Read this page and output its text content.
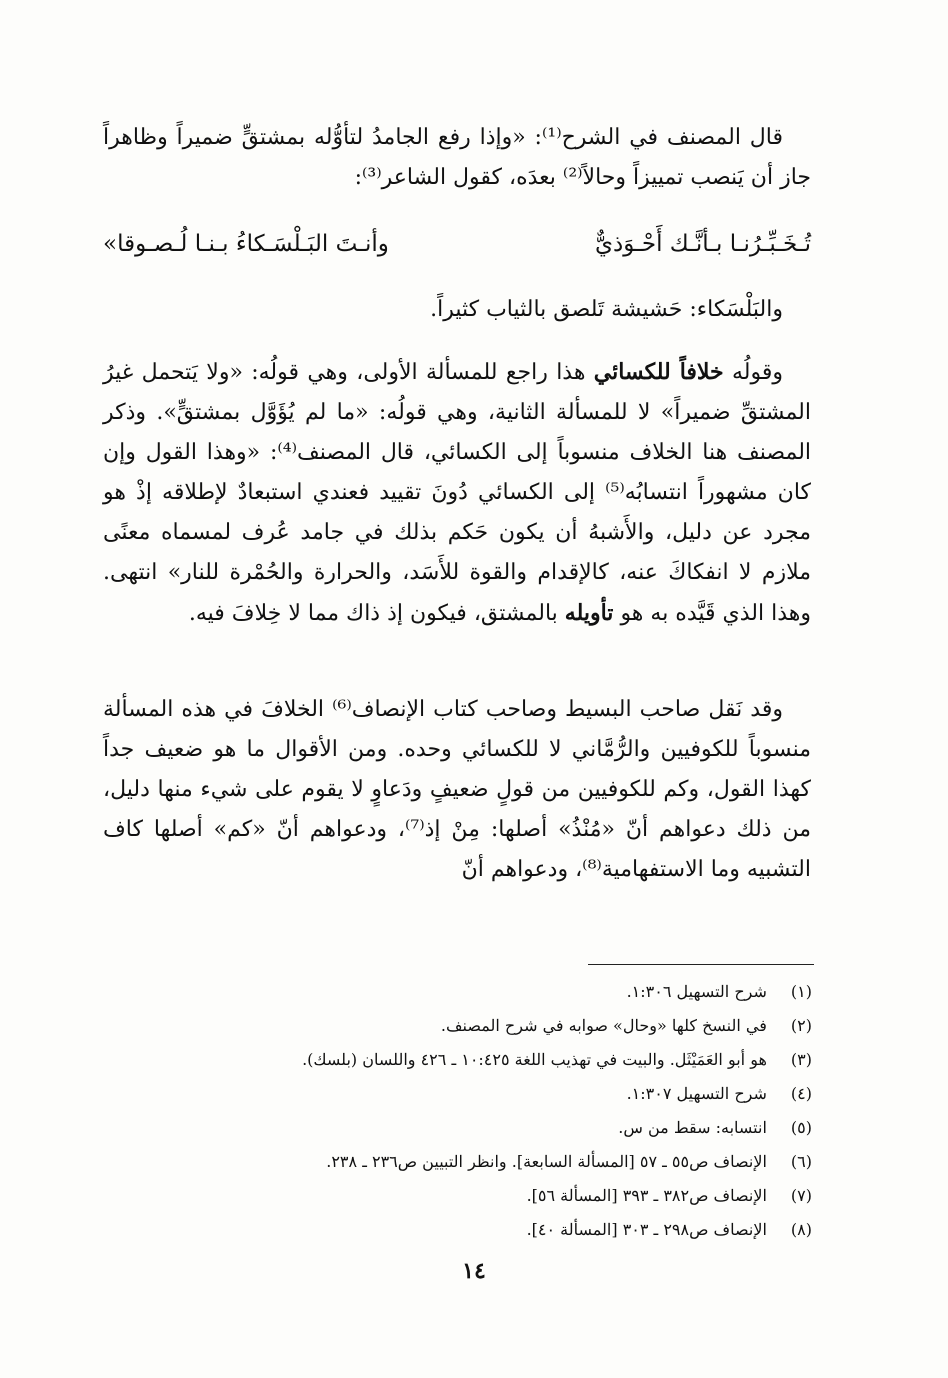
قال المصنف في الشرح⁽¹⁾: «وإذا رفع الجامدُ لتأوُّله بمشتقٍّ ضميراً وظاهراً جاز أن يَنصب تمييزاً وحالاً⁽²⁾ بعدَه، كقول الشاعر⁽³⁾:

تُـخَـبِّـرُنـا بـأنَّـك أَحْـوَذيٌّ
وأنـتَ البَـلْسَـكاءُ بـنـا لُـصـوقا»

والبَلْسَكاء: حَشيشة تَلصق بالثياب كثيراً.

وقولُه خلافاً للكسائي هذا راجع للمسألة الأولى، وهي قولُه: «ولا يَتحمل غيرُ المشتقِّ ضميراً» لا للمسألة الثانية، وهي قولُه: «ما لم يُؤَوَّل بمشتقٍّ». وذكر المصنف هنا الخلاف منسوباً إلى الكسائي، قال المصنف⁽⁴⁾: «وهذا القول وإن كان مشهوراً انتسابُه⁽⁵⁾ إلى الكسائي دُونَ تقييد فعندي استبعادٌ لإطلاقه إذْ هو مجرد عن دليل، والأَشبهُ أن يكون حَكم بذلك في جامد عُرف لمسماه معنًى ملازم لا انفكاكَ عنه، كالإقدام والقوة للأَسَد، والحرارة والحُمْرة للنار» انتهى. وهذا الذي قَيَّده به هو تأويله بالمشتق، فيكون إذ ذاك مما لا خِلافَ فيه.

وقد نَقل صاحب البسيط وصاحب كتاب الإنصاف⁽⁶⁾ الخلافَ في هذه المسألة منسوباً للكوفيين والرُّمَّاني لا للكسائي وحده. ومن الأقوال ما هو ضعيف جداً كهذا القول، وكم للكوفيين من قولٍ ضعيفٍ ودَعاوٍ لا يقوم على شيء منها دليل، من ذلك دعواهم أنّ «مُنْذُ» أصلها: مِنْ إذ⁽⁷⁾، ودعواهم أنّ «كم» أصلها كاف التشبيه وما الاستفهامية⁽⁸⁾، ودعواهم أنّ

(١) شرح التسهيل ١:٣٠٦.
(٢) في النسخ كلها «وحال» صوابه في شرح المصنف.
(٣) هو أبو العَمَيْثَل. والبيت في تهذيب اللغة ١٠:٤٢٥ ـ ٤٢٦ واللسان (بلسك).
(٤) شرح التسهيل ١:٣٠٧.
(٥) انتسابه: سقط من س.
(٦) الإنصاف ص٥٥ ـ ٥٧ [المسألة السابعة]. وانظر التبيين ص٢٣٦ ـ ٢٣٨.
(٧) الإنصاف ص٣٨٢ ـ ٣٩٣ [المسألة ٥٦].
(٨) الإنصاف ص٢٩٨ ـ ٣٠٣ [المسألة ٤٠].
١٤
